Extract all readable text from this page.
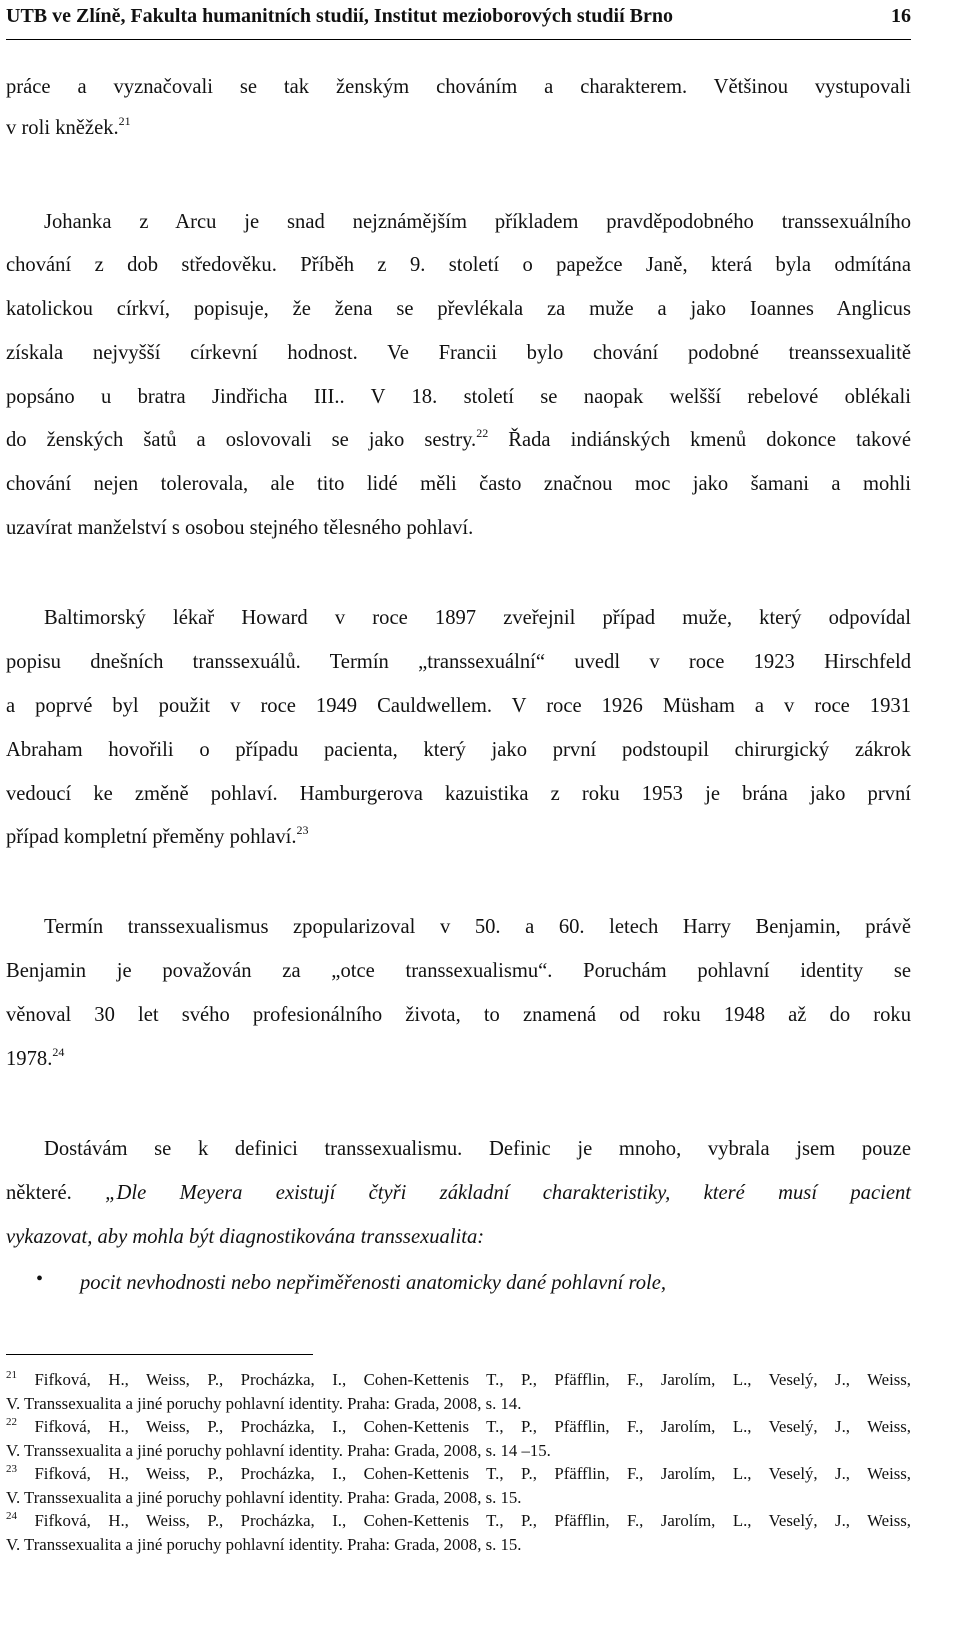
UTB ve Zlíně, Fakulta humanitních studií, Institut mezioborových studií Brno	16

práce a vyznačovali se tak ženským chováním a charakterem. Většinou vystupovali

v roli kněžek.$^{21}$

Johanka z Arcu je snad nejznámějším příkladem pravděpodobného transsexuálního

chování z dob středověku. Příběh z 9. století o papežce Janě, která byla odmítána

katolickou církví, popisuje, že žena se převlékala za muže a jako Ioannes Anglicus

získala nejvyšší církevní hodnost. Ve Francii bylo chování podobné treanssexualitě

popsáno u bratra Jindřicha III.. V 18. století se naopak welšší rebelové oblékali

do ženských šatů a oslovovali se jako sestry.$^{22}$ Řada indiánských kmenů dokonce takové

chování nejen tolerovala, ale tito lidé měli často značnou moc jako šamani a mohli

uzavírat manželství s osobou stejného tělesného pohlaví.

Baltimorský lékař Howard v roce 1897 zveřejnil případ muže, který odpovídal

popisu dnešních transsexuálů. Termín „transsexuální“ uvedl v roce 1923 Hirschfeld

a poprvé byl použit v roce 1949 Cauldwellem. V roce 1926 Müsham a v roce 1931

Abraham hovořili o případu pacienta, který jako první podstoupil chirurgický zákrok

vedoucí ke změně pohlaví. Hamburgerova kazuistika z roku 1953 je brána jako první

případ kompletní přeměny pohlaví.$^{23}$

Termín transsexualismus zpopularizoval v 50. a 60. letech Harry Benjamin, právě

Benjamin je považován za „otce transsexualismu“. Poruchám pohlavní identity se

věnoval 30 let svého profesionálního života, to znamená od roku 1948 až do roku

1978.24

Dostávám se k definici transsexualismu. Definic je mnoho, vybrala jsem pouze

některé. „Dle Meyera existují čtyři základní charakteristiky, které musí pacient

vykazovat, aby mohla být diagnostikována transsexualita:

• pocit nevhodnosti nebo nepřiměřenosti anatomicky dané pohlavní role,

$^{21}$ Fifková, H., Weiss, P., Procházka, I., Cohen-Kettenis T., P., Pfäfflin, F., Jarolím, L., Veselý, J., Weiss,

V. Transsexualita a jiné poruchy pohlavní identity. Praha: Grada, 2008, s. 14.

$^{22}$ Fifková, H., Weiss, P., Procházka, I., Cohen-Kettenis T., P., Pfäfflin, F., Jarolím, L., Veselý, J., Weiss,

V. Transsexualita a jiné poruchy pohlavní identity. Praha: Grada, 2008, s. 14 –15.

$^{23}$ Fifková, H., Weiss, P., Procházka, I., Cohen-Kettenis T., P., Pfäfflin, F., Jarolím, L., Veselý, J., Weiss,

V. Transsexualita a jiné poruchy pohlavní identity. Praha: Grada, 2008, s. 15.

$^{24}$ Fifková, H., Weiss, P., Procházka, I., Cohen-Kettenis T., P., Pfäfflin, F., Jarolím, L., Veselý, J., Weiss,

V. Transsexualita a jiné poruchy pohlavní identity. Praha: Grada, 2008, s. 15.
